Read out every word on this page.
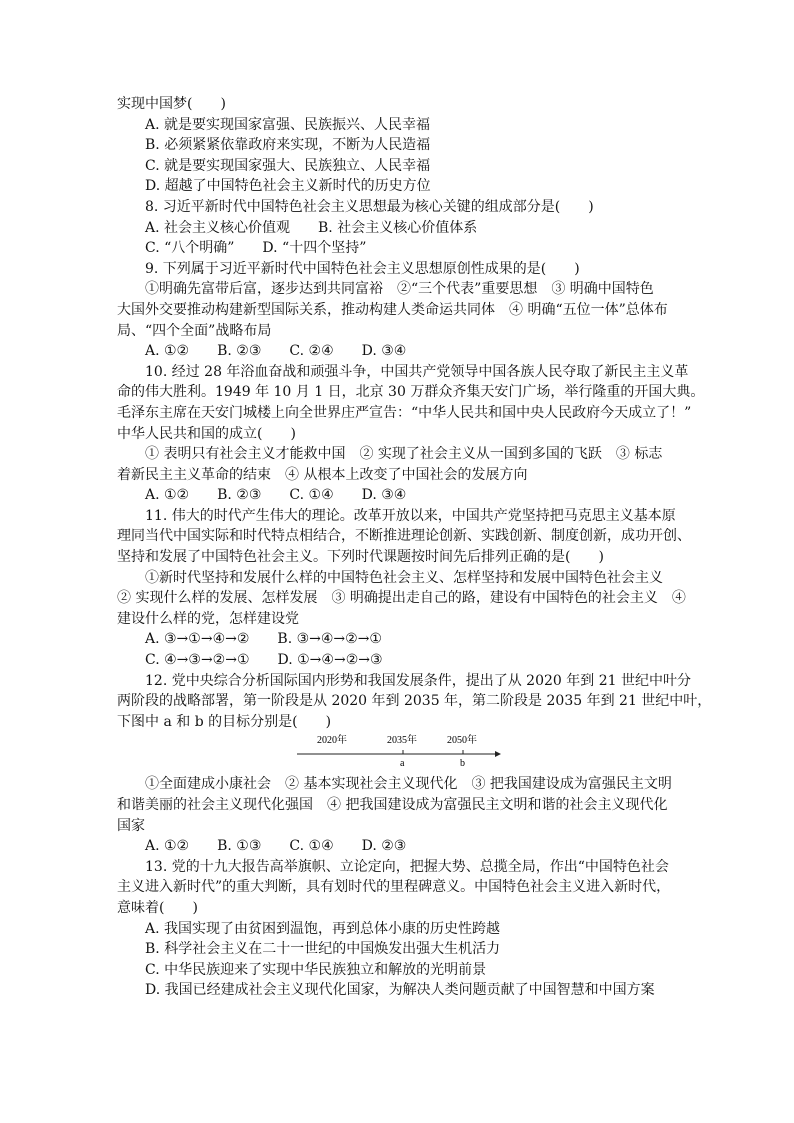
实现中国梦(　　)
A. 就是要实现国家富强、民族振兴、人民幸福
B. 必须紧紧依靠政府来实现，不断为人民造福
C. 就是要实现国家强大、民族独立、人民幸福
D. 超越了中国特色社会主义新时代的历史方位
8. 习近平新时代中国特色社会主义思想最为核心关键的组成部分是(　　)
A. 社会主义核心价值观　　B. 社会主义核心价值体系
C. “八个明确”　　D. “十四个坚持”
9. 下列属于习近平新时代中国特色社会主义思想原创性成果的是(　　)
①明确先富带后富，逐步达到共同富裕　②“三个代表”重要思想　③ 明确中国特色
大国外交要推动构建新型国际关系，推动构建人类命运共同体　④ 明确“五位一体”总体布
局、“四个全面”战略布局
A. ①②　　B. ②③　　C. ②④　　D. ③④
10. 经过 28 年浴血奋战和顽强斗争，中国共产党领导中国各族人民夺取了新民主主义革
命的伟大胜利。1949 年 10 月 1 日，北京 30 万群众齐集天安门广场，举行隆重的开国大典。
毛泽东主席在天安门城楼上向全世界庄严宣告：“中华人民共和国中央人民政府今天成立了！”
中华人民共和国的成立(　　)
① 表明只有社会主义才能救中国　② 实现了社会主义从一国到多国的飞跃　③ 标志
着新民主主义革命的结束　④ 从根本上改变了中国社会的发展方向
A. ①②　　B. ②③　　C. ①④　　D. ③④
11. 伟大的时代产生伟大的理论。改革开放以来，中国共产党坚持把马克思主义基本原
理同当代中国实际和时代特点相结合，不断推进理论创新、实践创新、制度创新，成功开创、
坚持和发展了中国特色社会主义。下列时代课题按时间先后排列正确的是(　　)
①新时代坚持和发展什么样的中国特色社会主义、怎样坚持和发展中国特色社会主义
② 实现什么样的发展、怎样发展　③ 明确提出走自己的路，建设有中国特色的社会主义　④
建设什么样的党，怎样建设党
A. ③→①→④→②　　B. ③→④→②→①
C. ④→③→②→①　　D. ①→④→②→③
12. 党中央综合分析国际国内形势和我国发展条件，提出了从 2020 年到 21 世纪中叶分
两阶段的战略部署，第一阶段是从 2020 年到 2035 年，第二阶段是 2035 年到 21 世纪中叶，
下图中 a 和 b 的目标分别是(　　)
2020年	2035年	2050年
a	b
①全面建成小康社会　② 基本实现社会主义现代化　③ 把我国建设成为富强民主文明
和谐美丽的社会主义现代化强国　④ 把我国建设成为富强民主文明和谐的社会主义现代化
国家
A. ①②　　B. ①③　　C. ①④　　D. ②③
13. 党的十九大报告高举旗帜、立论定向，把握大势、总揽全局，作出“中国特色社会
主义进入新时代”的重大判断，具有划时代的里程碑意义。中国特色社会主义进入新时代，
意味着(　　)
A. 我国实现了由贫困到温饱，再到总体小康的历史性跨越
B. 科学社会主义在二十一世纪的中国焕发出强大生机活力
C. 中华民族迎来了实现中华民族独立和解放的光明前景
D. 我国已经建成社会主义现代化国家，为解决人类问题贡献了中国智慧和中国方案
